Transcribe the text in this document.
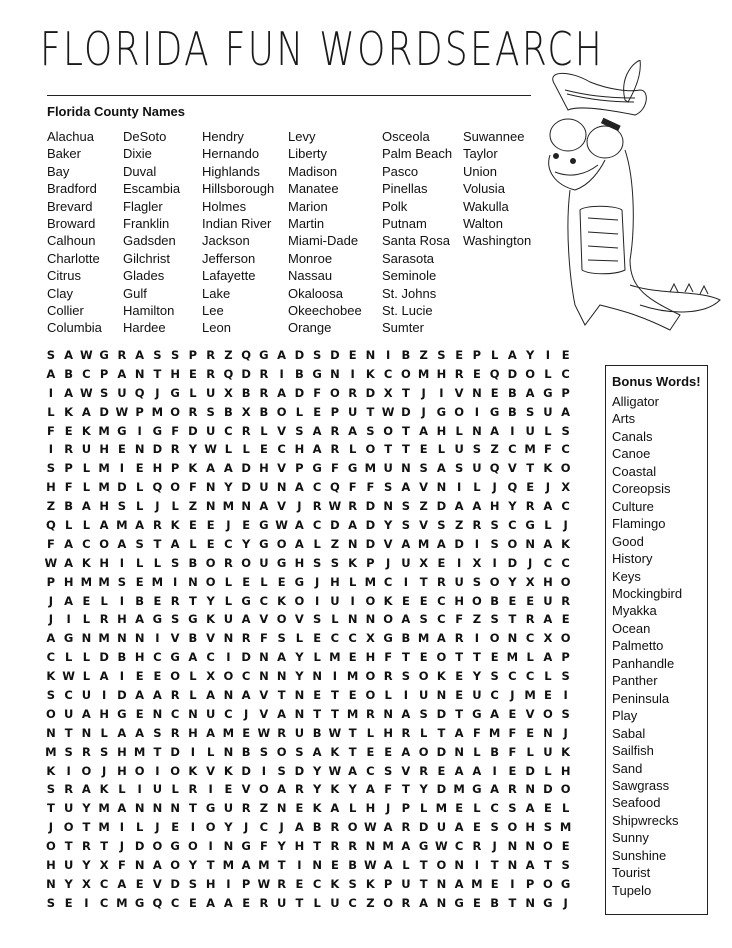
FLORIDA FUN WORDSEARCH
Florida County Names
Alachua
Baker
Bay
Bradford
Brevard
Broward
Calhoun
Charlotte
Citrus
Clay
Collier
Columbia
DeSoto
Dixie
Duval
Escambia
Flagler
Franklin
Gadsden
Gilchrist
Glades
Gulf
Hamilton
Hardee
Hendry
Hernando
Highlands
Hillsborough
Holmes
Indian River
Jackson
Jefferson
Lafayette
Lake
Lee
Leon
Levy
Liberty
Madison
Manatee
Marion
Martin
Miami-Dade
Monroe
Nassau
Okaloosa
Okeechobee
Orange
Osceola
Palm Beach
Pasco
Pinellas
Polk
Putnam
Santa Rosa
Sarasota
Seminole
St. Johns
St. Lucie
Sumter
Suwannee
Taylor
Union
Volusia
Wakulla
Walton
Washington
S A W G R A S S P R Z Q G A D S D E N I B Z S E P L A Y I	E
A B C P A N T H E R Q D R I B G N I K C O M H R E Q D O L C
I A W S U Q J G L U X B R A D F O R D X T	J	I V N E B A G P
L K A D W P M O R S B X B O L E P U T W D J G O I G B S U A
F E K M G I G F D U C R L V S A R A S O T A H L N A I U L S
I R U H E N D R Y W L L E C H A R L O T T E L U S Z C M F C
S P L M I	E H P K A A D H V P G F G M U N S A S U Q V T K O
H F L M D L Q O F N Y D U N A C Q F F S A V N I	L	J Q E	J X
Z B A H S L	J	L Z N M N A V J R W R D N S Z D A A H Y R A C
Q L L A M A R K E E	J	E G W A C D A D Y S V S Z R S C G L	J
F A C O A S T A L E C Y G O A L Z N D V A M A D I S O N A K
W A K H I	L L S B O R O U G H S S K P J U X E	I X I D J C C
P H M M S E M I N O L E L E G J H L M C I	T R U S O Y X H O
J A E L	I B E R T Y L G C K O I U I O K E E C H O B E E U R
J	I	L R H A G S G K U A V O V S L N N O A S C F Z S T R A E
A G N M N N I V B V N R F S L E C C X G B M A R I O N C X O
C L L D B H C G A C I D N A Y L M E H F T E O T T E M L A P
K W L A I	E E O L X O C N N Y N I M O R S O K E Y S C C L S
S C U I D A A R L A N A V T N E T E O L	I U N E U C J M E	I
O U A H G E N C N U C J V A N T T M R N A S D T G A E V O S
N T N L A A S R H A M E W R U B W T L H R L T A F M F E N J
M S R S H M T D I	L N B S O S A K T E E A O D N L B F L U K
K I O J H O I O K V K D I S D Y W A C S V R E A A I	E D L H
S R A K L	I U L R I	E V O A R Y K Y A F T Y D M G A R N D O
T U Y M A N N N T G U R Z N E K A L H J P L M E L C S A E L
J O T M I	L	J	E	I O Y J C J A B R O W A R D U A E S O H S M
O T R T	J D O G O I N G F Y H T R R N M A G W C R J N N O E
H U Y X F N A O Y T M A M T	I N E B W A L T O N I	T N A T S
N Y X C A E V D S H I P W R E C K S K P U T N A M E	I P O G
S E	I C M G Q C E A A E R U T L U C Z O R A N G E B T N G J
Bonus Words!
Alligator
Arts
Canals
Canoe
Coastal
Coreopsis
Culture
Flamingo
Good
History
Keys
Mockingbird
Myakka
Ocean
Palmetto
Panhandle
Panther
Peninsula
Play
Sabal
Sailfish
Sand
Sawgrass
Seafood
Shipwrecks
Sunny
Sunshine
Tourist
Tupelo
